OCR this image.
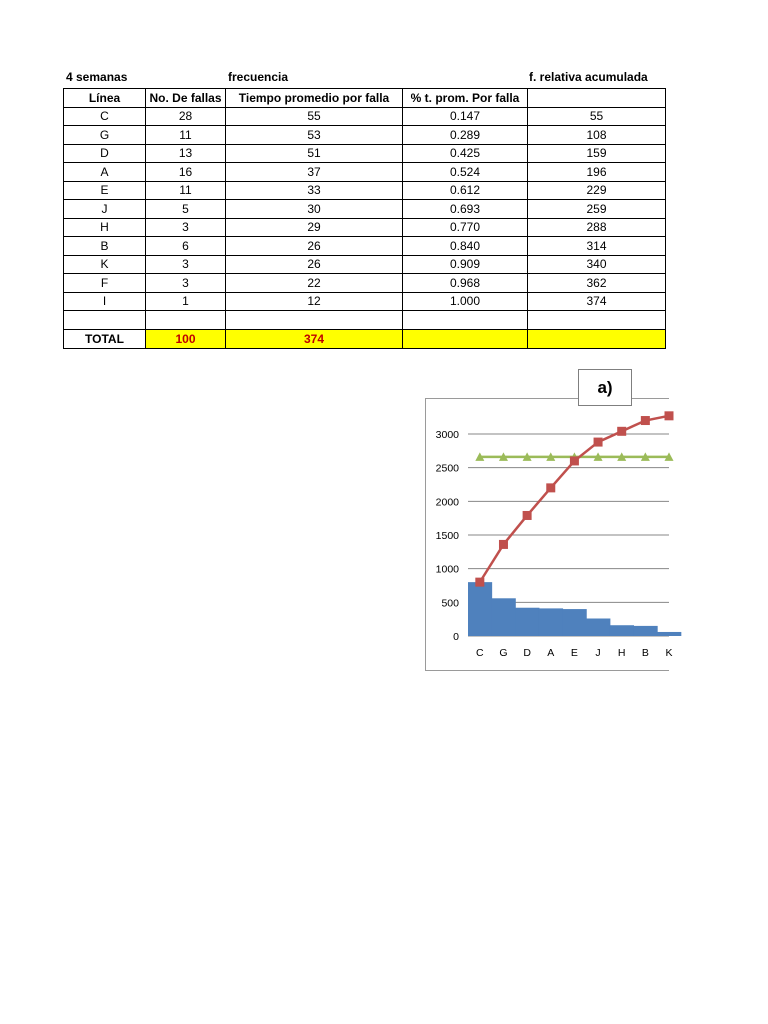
4 semanas	frecuencia	f. relativa acumulada
Línea	No. De fallas	Tiempo promedio por falla	% t. prom. Por falla	
C	28	55	0.147	55
G	11	53	0.289	108
D	13	51	0.425	159
A	16	37	0.524	196
E	11	33	0.612	229
J	5	30	0.693	259
H	3	29	0.770	288
B	6	26	0.840	314
K	3	26	0.909	340
F	3	22	0.968	362
I	1	12	1.000	374

TOTAL	100	374		
0
500
1000
1500
2000
2500
3000
C G D A E J H B K
a)
